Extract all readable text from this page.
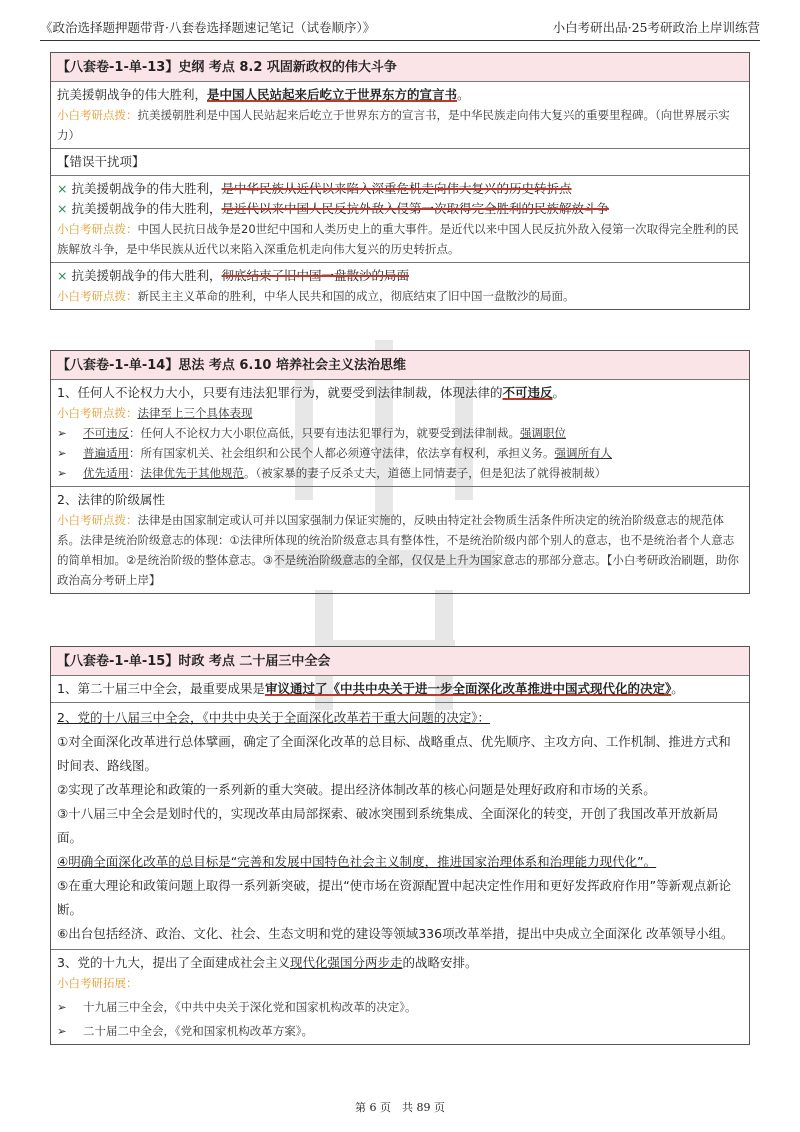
《政治选择题押题带背·八套卷选择题速记笔记（试卷顺序）》	小白考研出品·25考研政治上岸训练营
【八套卷-1-单-13】史纲 考点 8.2 巩固新政权的伟大斗争
抗美援朝战争的伟大胜利，是中国人民站起来后屹立于世界东方的宣言书。
小白考研点拨：抗美援朝胜利是中国人民站起来后屹立于世界东方的宣言书，是中华民族走向伟大复兴的重要里程碑。（向世界展示实力）
【错误干扰项】
× 抗美援朝战争的伟大胜利，是中华民族从近代以来陷入深重危机走向伟大复兴的历史转折点
× 抗美援朝战争的伟大胜利，是近代以来中国人民反抗外敌入侵第一次取得完全胜利的民族解放斗争
小白考研点拨：中国人民抗日战争是20世纪中国和人类历史上的重大事件。是近代以来中国人民反抗外敌入侵第一次取得完全胜利的民族解放斗争，是中华民族从近代以来陷入深重危机走向伟大复兴的历史转折点。
× 抗美援朝战争的伟大胜利，彻底结束了旧中国一盘散沙的局面
小白考研点拨：新民主主义革命的胜利，中华人民共和国的成立，彻底结束了旧中国一盘散沙的局面。
【八套卷-1-单-14】思法 考点 6.10 培养社会主义法治思维
1、任何人不论权力大小，只要有违法犯罪行为，就要受到法律制裁，体现法律的不可违反。
小白考研点拨：法律至上三个具体表现
➢ 不可违反：任何人不论权力大小职位高低，只要有违法犯罪行为，就要受到法律制裁。强调职位
➢ 普遍适用：所有国家机关、社会组织和公民个人都必须遵守法律，依法享有权利，承担义务。强调所有人
➢ 优先适用：法律优先于其他规范。（被家暴的妻子反杀丈夫，道德上同情妻子，但是犯法了就得被制裁）
2、法律的阶级属性
小白考研点拨：法律是由国家制定或认可并以国家强制力保证实施的，反映由特定社会物质生活条件所决定的统治阶级意志的规范体系。法律是统治阶级意志的体现：①法律所体现的统治阶级意志具有整体性，不是统治阶级内部个别人的意志，也不是统治者个人意志的简单相加。②是统治阶级的整体意志。③不是统治阶级意志的全部，仅仅是上升为国家意志的那部分意志。【小白考研政治刷题，助你政治高分考研上岸】
【八套卷-1-单-15】时政 考点 二十届三中全会
1、第二十届三中全会，最重要成果是审议通过了《中共中央关于进一步全面深化改革推进中国式现代化的决定》。
2、党的十八届三中全会，《中共中央关于全面深化改革若干重大问题的决定》：
①对全面深化改革进行总体擘画，确定了全面深化改革的总目标、战略重点、优先顺序、主攻方向、工作机制、推进方式和时间表、路线图。
②实现了改革理论和政策的一系列新的重大突破。提出经济体制改革的核心问题是处理好政府和市场的关系。
③十八届三中全会是划时代的，实现改革由局部探索、破冰突围到系统集成、全面深化的转变，开创了我国改革开放新局面。
④明确全面深化改革的总目标是“完善和发展中国特色社会主义制度，推进国家治理体系和治理能力现代化”。
⑤在重大理论和政策问题上取得一系列新突破，提出“使市场在资源配置中起决定性作用和更好发挥政府作用”等新观点新论断。
⑥出台包括经济、政治、文化、社会、生态文明和党的建设等领域336项改革举措，提出中央成立全面深化 改革领导小组。
3、党的十九大，提出了全面建成社会主义现代化强国分两步走的战略安排。
小白考研拓展：
➢ 十九届三中全会，《中共中央关于深化党和国家机构改革的决定》。
➢ 二十届二中全会，《党和国家机构改革方案》。
第 6 页　共 89 页
